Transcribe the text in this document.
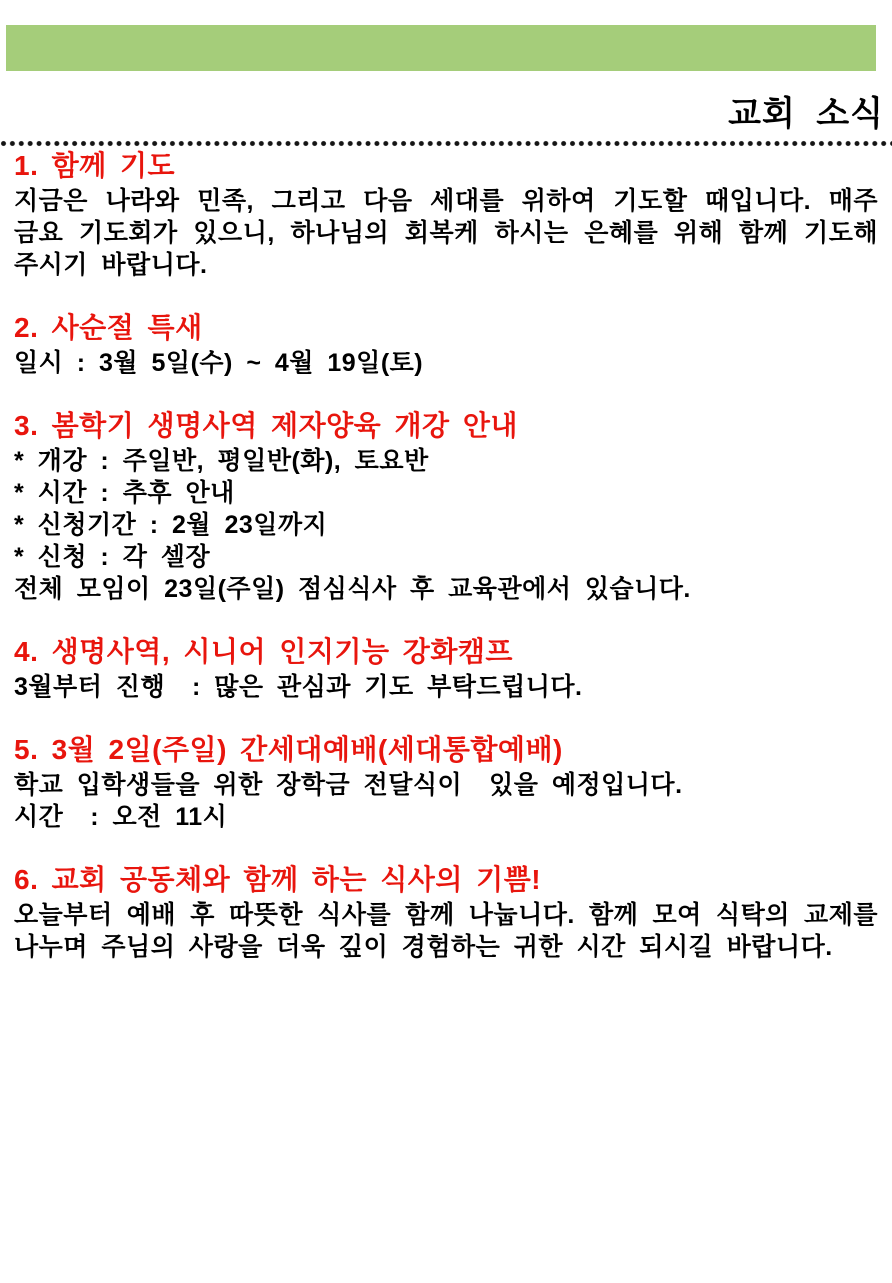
교회 소식
1. 함께 기도

지금은 나라와 민족, 그리고 다음 세대를 위하여 기도할 때입니다. 매주 금요 기도회가 있으니, 하나님의 회복케 하시는 은혜를 위해 함께 기도해 주시기 바랍니다.

2. 사순절 특새

일시 : 3월 5일(수) ~ 4월 19일(토)

3. 봄학기 생명사역 제자양육 개강 안내

* 개강 : 주일반, 평일반(화), 토요반

* 시간 : 추후 안내

* 신청기간 : 2월 23일까지

* 신청 : 각 셀장

전체 모임이 23일(주일) 점심식사 후 교육관에서 있습니다.

4. 생명사역, 시니어 인지기능 강화캠프

3월부터 진행  : 많은 관심과 기도 부탁드립니다.

5. 3월 2일(주일) 간세대예배(세대통합예배)

학교 입학생들을 위한 장학금 전달식이  있을 예정입니다.

시간  : 오전 11시

6. 교회 공동체와 함께 하는 식사의 기쁨!

오늘부터 예배 후 따뜻한 식사를 함께 나눕니다. 함께 모여 식탁의 교제를 나누며 주님의 사랑을 더욱 깊이 경험하는 귀한 시간 되시길 바랍니다.
